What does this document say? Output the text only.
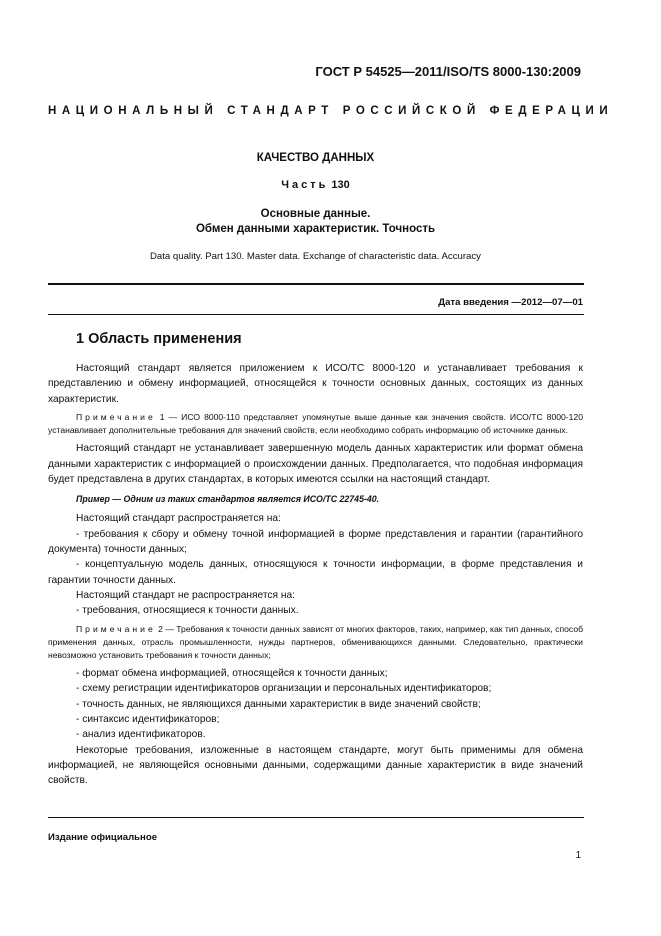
ГОСТ Р 54525—2011/ISO/TS 8000-130:2009
НАЦИОНАЛЬНЫЙ СТАНДАРТ РОССИЙСКОЙ ФЕДЕРАЦИИ
КАЧЕСТВО ДАННЫХ
Часть 130
Основные данные.
Обмен данными характеристик. Точность
Data quality. Part 130. Master data. Exchange of characteristic data. Accuracy
Дата введения —2012—07—01
1 Область применения

Настоящий стандарт является приложением к ИСО/ТС 8000-120 и устанавливает требования к представлению и обмену информацией, относящейся к точности основных данных, состоящих из данных характеристик.

Примечание 1 — ИСО 8000-110 представляет упомянутые выше данные как значения свойств. ИСО/ТС 8000-120 устанавливает дополнительные требования для значений свойств, если необходимо собрать информацию об источнике данных.

Настоящий стандарт не устанавливает завершенную модель данных характеристик или формат обмена данными характеристик с информацией о происхождении данных. Предполагается, что подобная информация будет представлена в других стандартах, в которых имеются ссылки на настоящий стандарт.

Пример — Одним из таких стандартов является ИСО/ТС 22745-40.

Настоящий стандарт распространяется на:

- требования к сбору и обмену точной информацией в форме представления и гарантии (гарантийного документа) точности данных;

- концептуальную модель данных, относящуюся к точности информации, в форме представления и гарантии точности данных.

Настоящий стандарт не распространяется на:

- требования, относящиеся к точности данных.

Примечание 2 — Требования к точности данных зависят от многих факторов, таких, например, как тип данных, способ применения данных, отрасль промышленности, нужды партнеров, обменивающихся данными. Следовательно, практически невозможно установить требования к точности данных;

- формат обмена информацией, относящейся к точности данных;

- схему регистрации идентификаторов организации и персональных идентификаторов;

- точность данных, не являющихся данными характеристик в виде значений свойств;

- синтаксис идентификаторов;

- анализ идентификаторов.

Некоторые требования, изложенные в настоящем стандарте, могут быть применимы для обмена информацией, не являющейся основными данными, содержащими данные характеристик в виде значений свойств.

Издание официальное
1
